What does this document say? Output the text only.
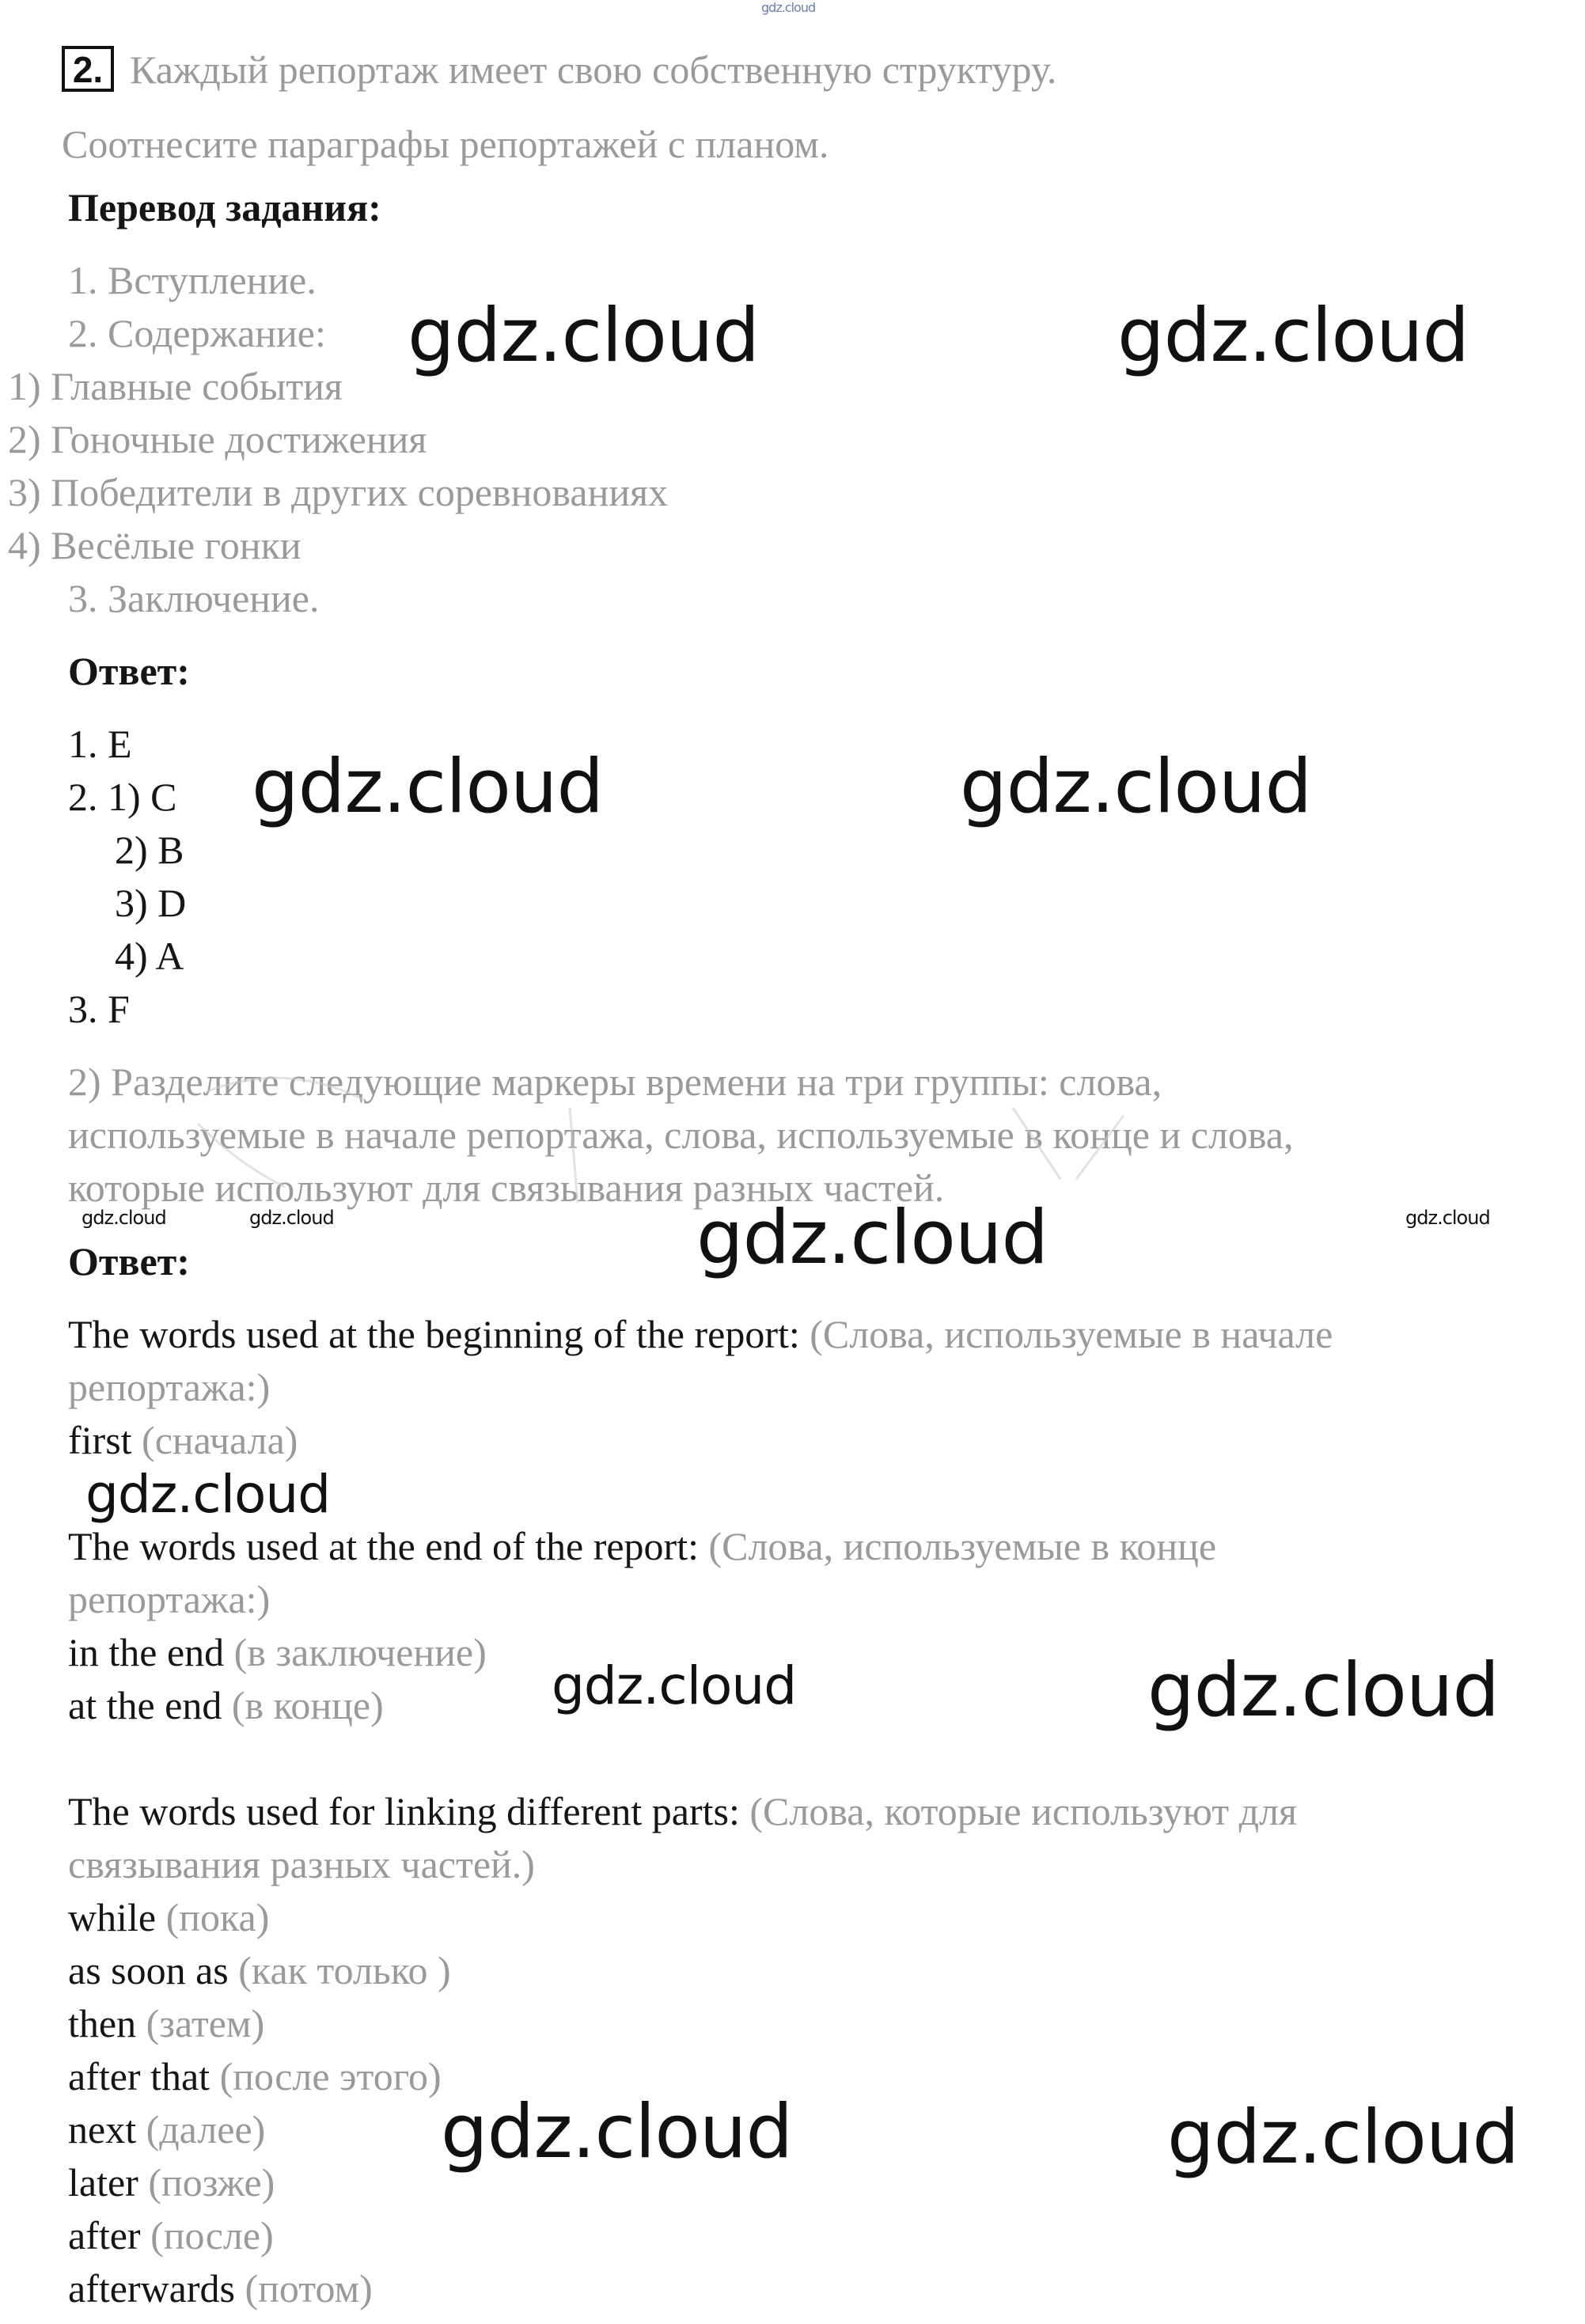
gdz.cloud
2. Каждый репортаж имеет свою собственную структуру.
Соотнесите параграфы репортажей с планом.
Перевод задания:
1. Вступление.
2. Содержание:
1) Главные события
2) Гоночные достижения
3) Победители в других соревнованиях
4) Весёлые гонки
3. Заключение.
Ответ:
1. E
2. 1) C
2) B
3) D
4) A
3. F
2) Разделите следующие маркеры времени на три группы: слова,
используемые в начале репортажа, слова, используемые в конце и слова,
которые используют для связывания разных частей.
Ответ:
The words used at the beginning of the report: (Слова, используемые в начале
репортажа:)
first (сначала)
The words used at the end of the report: (Слова, используемые в конце
репортажа:)
in the end (в заключение)
at the end (в конце)
The words used for linking different parts: (Слова, которые используют для
связывания разных частей.)
while (пока)
as soon as (как только )
then (затем)
after that (после этого)
next (далее)
later (позже)
after (после)
afterwards (потом)
gdz.cloud	gdz.cloud
gdz.cloud	gdz.cloud
gdz.cloud	gdz.cloud	gdz.cloud	gdz.cloud
gdz.cloud
gdz.cloud	gdz.cloud
gdz.cloud	gdz.cloud
